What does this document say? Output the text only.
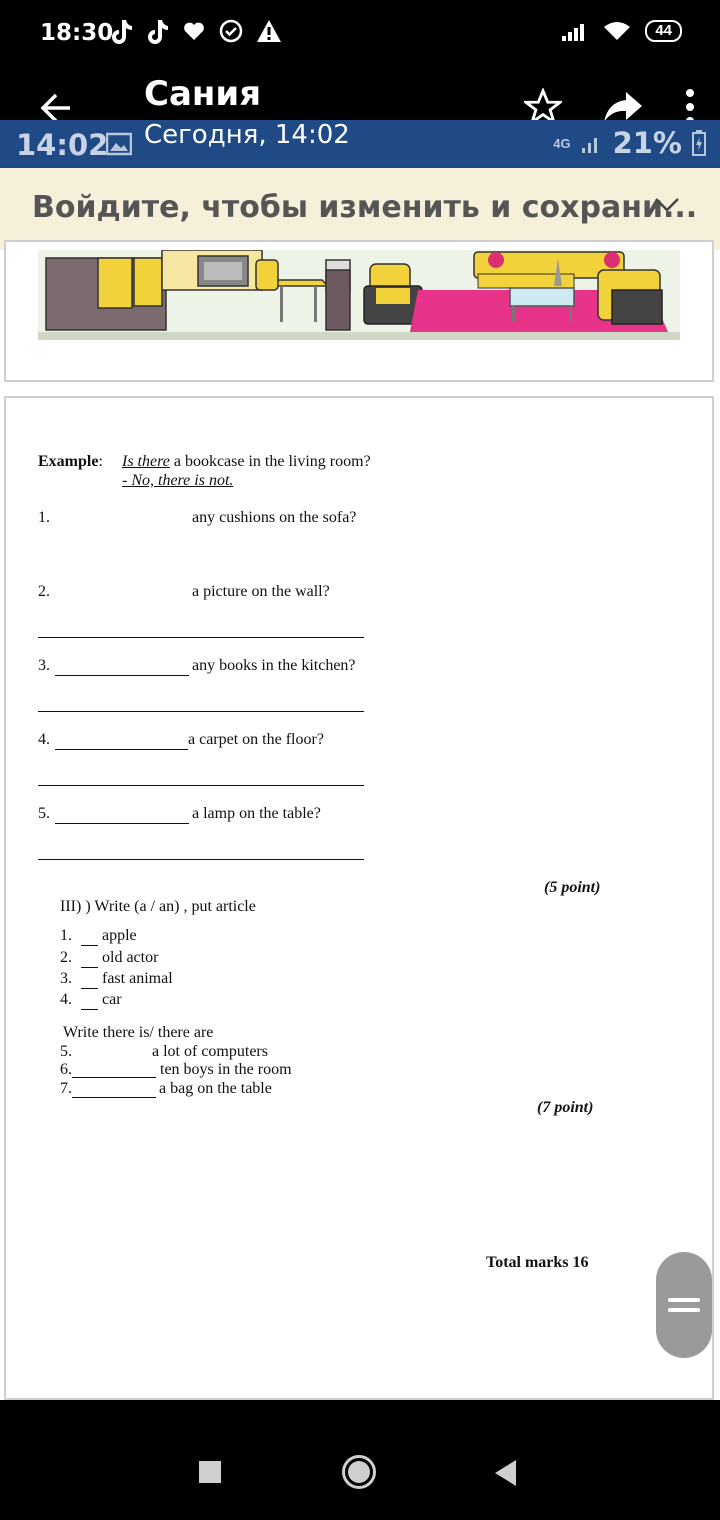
18:30	44
Сания
14:02	4G 21%
Сегодня, 14:02
Войдите, чтобы изменить и сохрани...
Example: Is there a bookcase in the living room?
- No, there is not.
1.	any cushions on the sofa?
2.	a picture on the wall?
3.	any books in the kitchen?
4.	a carpet on the floor?
5.	a lamp on the table?
(5 point)
III) ) Write (a / an) , put article
1. apple
2. old actor
3. fast animal
4. car
Write there is/ there are
5.	a lot of computers
6.	ten boys in the room
7.	a bag on the table
(7 point)
Total marks 16
